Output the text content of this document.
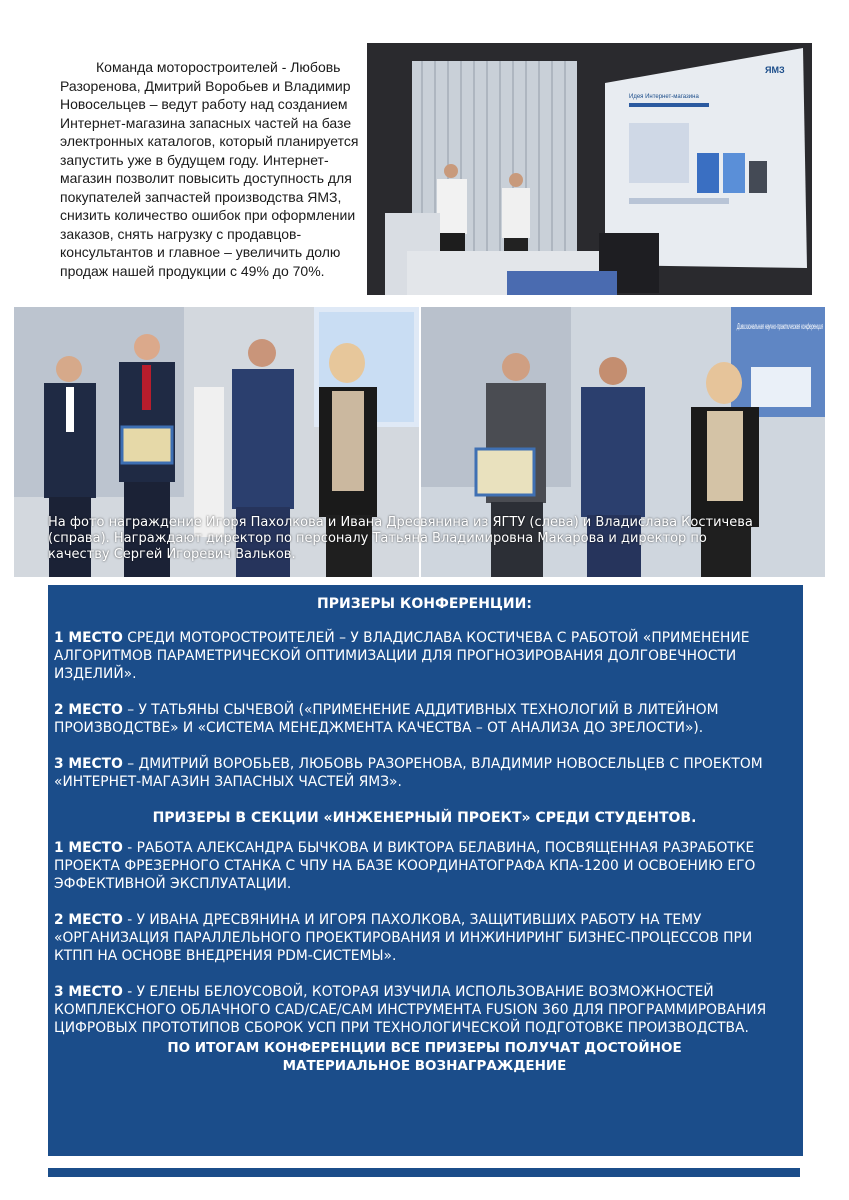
Команда моторостроителей - Любовь Разоренова, Дмитрий Воробьев и Владимир Новосельцев – ведут работу над созданием Интернет-магазина запасных частей на базе электронных каталогов, который планируется запустить уже в будущем году. Интернет-магазин позволит повысить доступность для покупателей запчастей производства ЯМЗ, снизить количество ошибок при оформлении заказов, снять нагрузку с продавцов-консультантов и главное – увеличить долю продаж нашей продукции с 49% до 70%.

ЯМЗ
Идея Интернет-магазина
Дивизиональная научно-практическая конференция

На фото награждение Игоря Пахолкова и Ивана Дресвянина из ЯГТУ (слева) и Владислава Костичева (справа). Награждают директор по персоналу Татьяна Владимировна Макарова и директор по качеству Сергей Игоревич Вальков.

ПРИЗЕРЫ КОНФЕРЕНЦИИ:

1 МЕСТО СРЕДИ МОТОРОСТРОИТЕЛЕЙ – У ВЛАДИСЛАВА КОСТИЧЕВА С РАБОТОЙ «ПРИМЕНЕНИЕ АЛГОРИТМОВ ПАРАМЕТРИЧЕСКОЙ ОПТИМИЗАЦИИ ДЛЯ ПРОГНОЗИРОВАНИЯ ДОЛГОВЕЧНОСТИ ИЗДЕЛИЙ».

2 МЕСТО – У ТАТЬЯНЫ СЫЧЕВОЙ («ПРИМЕНЕНИЕ АДДИТИВНЫХ ТЕХНОЛОГИЙ В ЛИТЕЙНОМ ПРОИЗВОДСТВЕ» И «СИСТЕМА МЕНЕДЖМЕНТА КАЧЕСТВА – ОТ АНАЛИЗА ДО ЗРЕЛОСТИ»).

3 МЕСТО – ДМИТРИЙ ВОРОБЬЕВ, ЛЮБОВЬ РАЗОРЕНОВА, ВЛАДИМИР НОВОСЕЛЬЦЕВ С ПРОЕКТОМ «ИНТЕРНЕТ-МАГАЗИН ЗАПАСНЫХ ЧАСТЕЙ ЯМЗ».

ПРИЗЕРЫ В СЕКЦИИ «ИНЖЕНЕРНЫЙ ПРОЕКТ» СРЕДИ СТУДЕНТОВ.

1 МЕСТО - РАБОТА АЛЕКСАНДРА БЫЧКОВА И ВИКТОРА БЕЛАВИНА, ПОСВЯЩЕННАЯ РАЗРАБОТКЕ ПРОЕКТА ФРЕЗЕРНОГО СТАНКА С ЧПУ НА БАЗЕ КООРДИНАТОГРАФА КПА-1200 И ОСВОЕНИЮ ЕГО ЭФФЕКТИВНОЙ ЭКСПЛУАТАЦИИ.

2 МЕСТО - У ИВАНА ДРЕСВЯНИНА И ИГОРЯ ПАХОЛКОВА, ЗАЩИТИВШИХ РАБОТУ НА ТЕМУ «ОРГАНИЗАЦИЯ ПАРАЛЛЕЛЬНОГО ПРОЕКТИРОВАНИЯ И ИНЖИНИРИНГ БИЗНЕС-ПРОЦЕССОВ ПРИ КТПП НА ОСНОВЕ ВНЕДРЕНИЯ PDM-СИСТЕМЫ».

3 МЕСТО - У ЕЛЕНЫ БЕЛОУСОВОЙ, КОТОРАЯ ИЗУЧИЛА ИСПОЛЬЗОВАНИЕ ВОЗМОЖНОСТЕЙ КОМПЛЕКСНОГО ОБЛАЧНОГО CAD/CAE/CAM ИНСТРУМЕНТА FUSION 360 ДЛЯ ПРОГРАММИРОВАНИЯ ЦИФРОВЫХ ПРОТОТИПОВ СБОРОК УСП ПРИ ТЕХНОЛОГИЧЕСКОЙ ПОДГОТОВКЕ ПРОИЗВОДСТВА.

ПО ИТОГАМ КОНФЕРЕНЦИИ ВСЕ ПРИЗЕРЫ ПОЛУЧАТ ДОСТОЙНОЕ
МАТЕРИАЛЬНОЕ ВОЗНАГРАЖДЕНИЕ
